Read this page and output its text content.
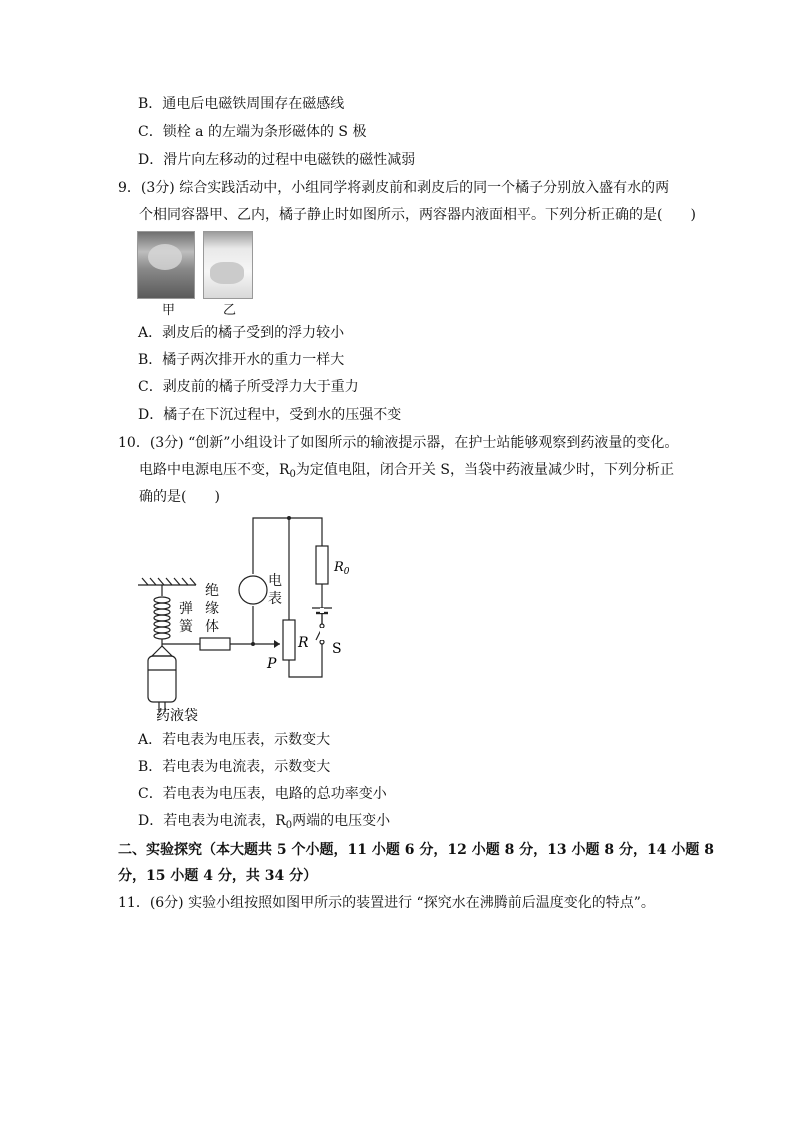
B．通电后电磁铁周围存在磁感线
C．锁栓 a 的左端为条形磁体的 S 极
D．滑片向左移动的过程中电磁铁的磁性减弱
9．(3分) 综合实践活动中，小组同学将剥皮前和剥皮后的同一个橘子分别放入盛有水的两
个相同容器甲、乙内，橘子静止时如图所示，两容器内液面相平。下列分析正确的是(　　)
甲	乙
A．剥皮后的橘子受到的浮力较小
B．橘子两次排开水的重力一样大
C．剥皮前的橘子所受浮力大于重力
D．橘子在下沉过程中，受到水的压强不变
10．(3分) “创新”小组设计了如图所示的输液提示器，在护士站能够观察到药液量的变化。
电路中电源电压不变，$R_0$为定值电阻，闭合开关 S，当袋中药液量减少时，下列分析正
确的是(　　)
药液袋
R S
P
$R_0$
弹簧
绝缘体
电表
A．若电表为电压表，示数变大
B．若电表为电流表，示数变大
C．若电表为电压表，电路的总功率变小
D．若电表为电流表，$R_0$两端的电压变小
二、实验探究（本大题共 5 个小题，11 小题 6 分，12 小题 8 分，13 小题 8 分，14 小题 8
分，15 小题 4 分，共 34 分）
11．(6分) 实验小组按照如图甲所示的装置进行 “探究水在沸腾前后温度变化的特点”。
